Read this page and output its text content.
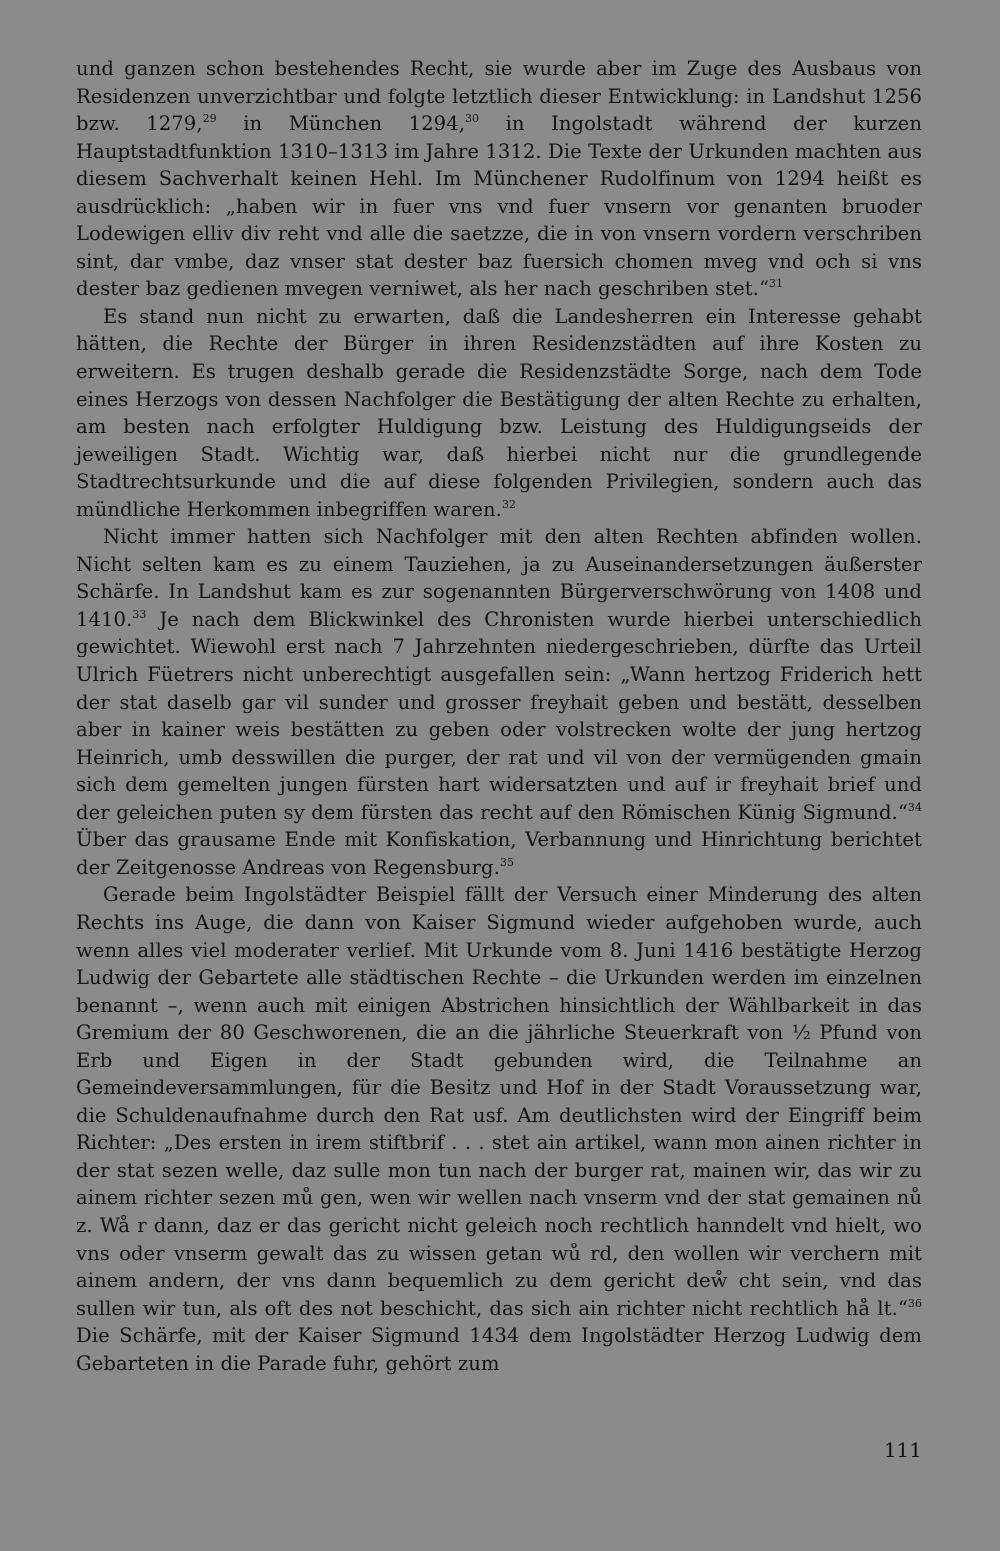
und ganzen schon bestehendes Recht, sie wurde aber im Zuge des Ausbaus von Residenzen unverzichtbar und folgte letztlich dieser Entwicklung: in Landshut 1256 bzw. 1279,29 in München 1294,30 in Ingolstadt während der kurzen Hauptstadtfunktion 1310–1313 im Jahre 1312. Die Texte der Urkunden machten aus diesem Sachverhalt keinen Hehl. Im Münchener Rudolfinum von 1294 heißt es ausdrücklich: „haben wir in fuer vns vnd fuer vnsern vor genanten bruoder Lodewigen elliv div reht vnd alle die saetzze, die in von vnsern vordern verschriben sint, dar vmbe, daz vnser stat dester baz fuersich chomen mveg vnd och si vns dester baz gedienen mvegen verniwet, als her nach geschriben stet.“$^{31}$

Es stand nun nicht zu erwarten, daß die Landesherren ein Interesse gehabt hätten, die Rechte der Bürger in ihren Residenzstädten auf ihre Kosten zu erweitern. Es trugen deshalb gerade die Residenzstädte Sorge, nach dem Tode eines Herzogs von dessen Nachfolger die Bestätigung der alten Rechte zu erhalten, am besten nach erfolgter Huldigung bzw. Leistung des Huldigungseids der jeweiligen Stadt. Wichtig war, daß hierbei nicht nur die grundlegende Stadtrechtsurkunde und die auf diese folgenden Privilegien, sondern auch das mündliche Herkommen inbegriffen waren.$^{32}$

Nicht immer hatten sich Nachfolger mit den alten Rechten abfinden wollen. Nicht selten kam es zu einem Tauziehen, ja zu Auseinandersetzungen äußerster Schärfe. In Landshut kam es zur sogenannten Bürgerverschwörung von 1408 und 1410.33 Je nach dem Blickwinkel des Chronisten wurde hierbei unterschiedlich gewichtet. Wiewohl erst nach 7 Jahrzehnten niedergeschrieben, dürfte das Urteil Ulrich Füetrers nicht unberechtigt ausgefallen sein: „Wann hertzog Friderich hett der stat daselb gar vil sunder und grosser freyhait geben und bestätt, desselben aber in kainer weis bestätten zu geben oder volstrecken wolte der jung hertzog Heinrich, umb desswillen die purger, der rat und vil von der vermügenden gmain sich dem gemelten jungen fürsten hart widersatzten und auf ir freyhait brief und der geleichen puten sy dem fürsten das recht auf den Römischen Künig Sigmund.“$^{34}$ Über das grausame Ende mit Konfiskation, Verbannung und Hinrichtung berichtet der Zeitgenosse Andreas von Regensburg.$^{35}$

Gerade beim Ingolstädter Beispiel fällt der Versuch einer Minderung des alten Rechts ins Auge, die dann von Kaiser Sigmund wieder aufgehoben wurde, auch wenn alles viel moderater verlief. Mit Urkunde vom 8. Juni 1416 bestätigte Herzog Ludwig der Gebartete alle städtischen Rechte – die Urkunden werden im einzelnen benannt –, wenn auch mit einigen Abstrichen hinsichtlich der Wählbarkeit in das Gremium der 80 Geschworenen, die an die jährliche Steuerkraft von ½ Pfund von Erb und Eigen in der Stadt gebunden wird, die Teilnahme an Gemeindeversammlungen, für die Besitz und Hof in der Stadt Voraussetzung war, die Schuldenaufnahme durch den Rat usf. Am deutlichsten wird der Eingriff beim Richter: „Des ersten in irem stiftbrif . . . stet ain artikel, wann mon ainen richter in der stat sezen welle, daz sulle mon tun nach der burger rat, mainen wir, das wir zu ainem richter sezen mů gen, wen wir wellen nach vnserm vnd der stat gemainen nů z. Wå r dann, daz er das gericht nicht geleich noch rechtlich hanndelt vnd hielt, wo vns oder vnserm gewalt das zu wissen getan wů rd, den wollen wir verchern mit ainem andern, der vns dann bequemlich zu dem gericht deẘ cht sein, vnd das sullen wir tun, als oft des not beschicht, das sich ain richter nicht rechtlich hå lt.“$^{36}$ Die Schärfe, mit der Kaiser Sigmund 1434 dem Ingolstädter Herzog Ludwig dem Gebarteten in die Parade fuhr, gehört zum

111
